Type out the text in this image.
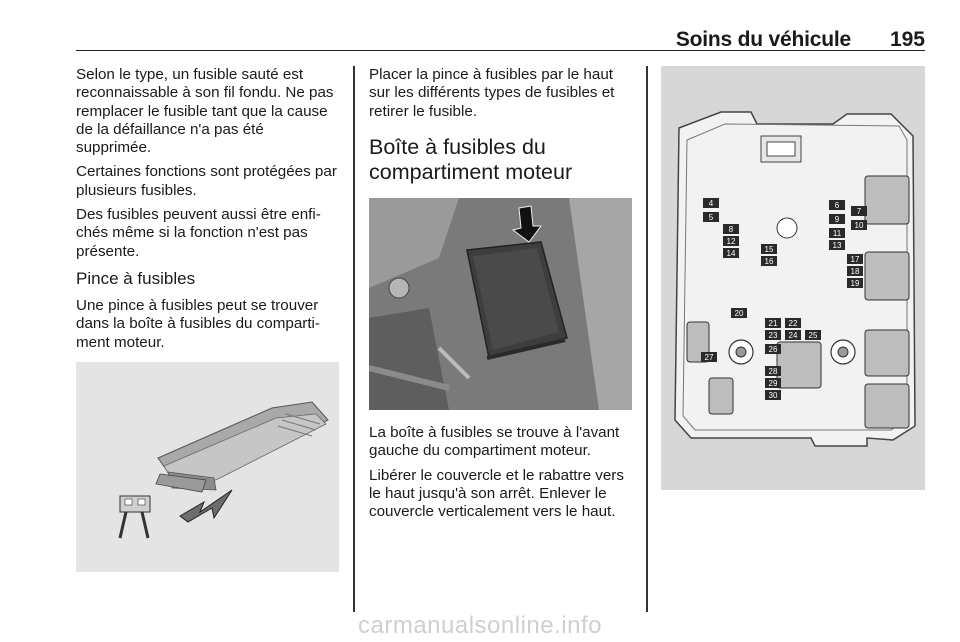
Soins du véhicule 195

Selon le type, un fusible sauté est reconnaissable à son fil fondu. Ne pas remplacer le fusible tant que la cause de la défaillance n'a pas été supprimée.

Certaines fonctions sont protégées par plusieurs fusibles.

Des fusibles peuvent aussi être enfichés même si la fonction n'est pas présente.

Pince à fusibles

Une pince à fusibles peut se trouver dans la boîte à fusibles du compartiment moteur.

Placer la pince à fusibles par le haut sur les différents types de fusibles et retirer le fusible.

Boîte à fusibles du compartiment moteur

La boîte à fusibles se trouve à l'avant gauche du compartiment moteur.

Libérer le couvercle et le rabattre vers le haut jusqu'à son arrêt. Enlever le couvercle verticalement vers le haut.

4
5
6
7
8
9
10
11
12	13
14	15
16	17
18
19
20
21 22
23 24 25
26
27
28
29
30
carmanualsonline.info
